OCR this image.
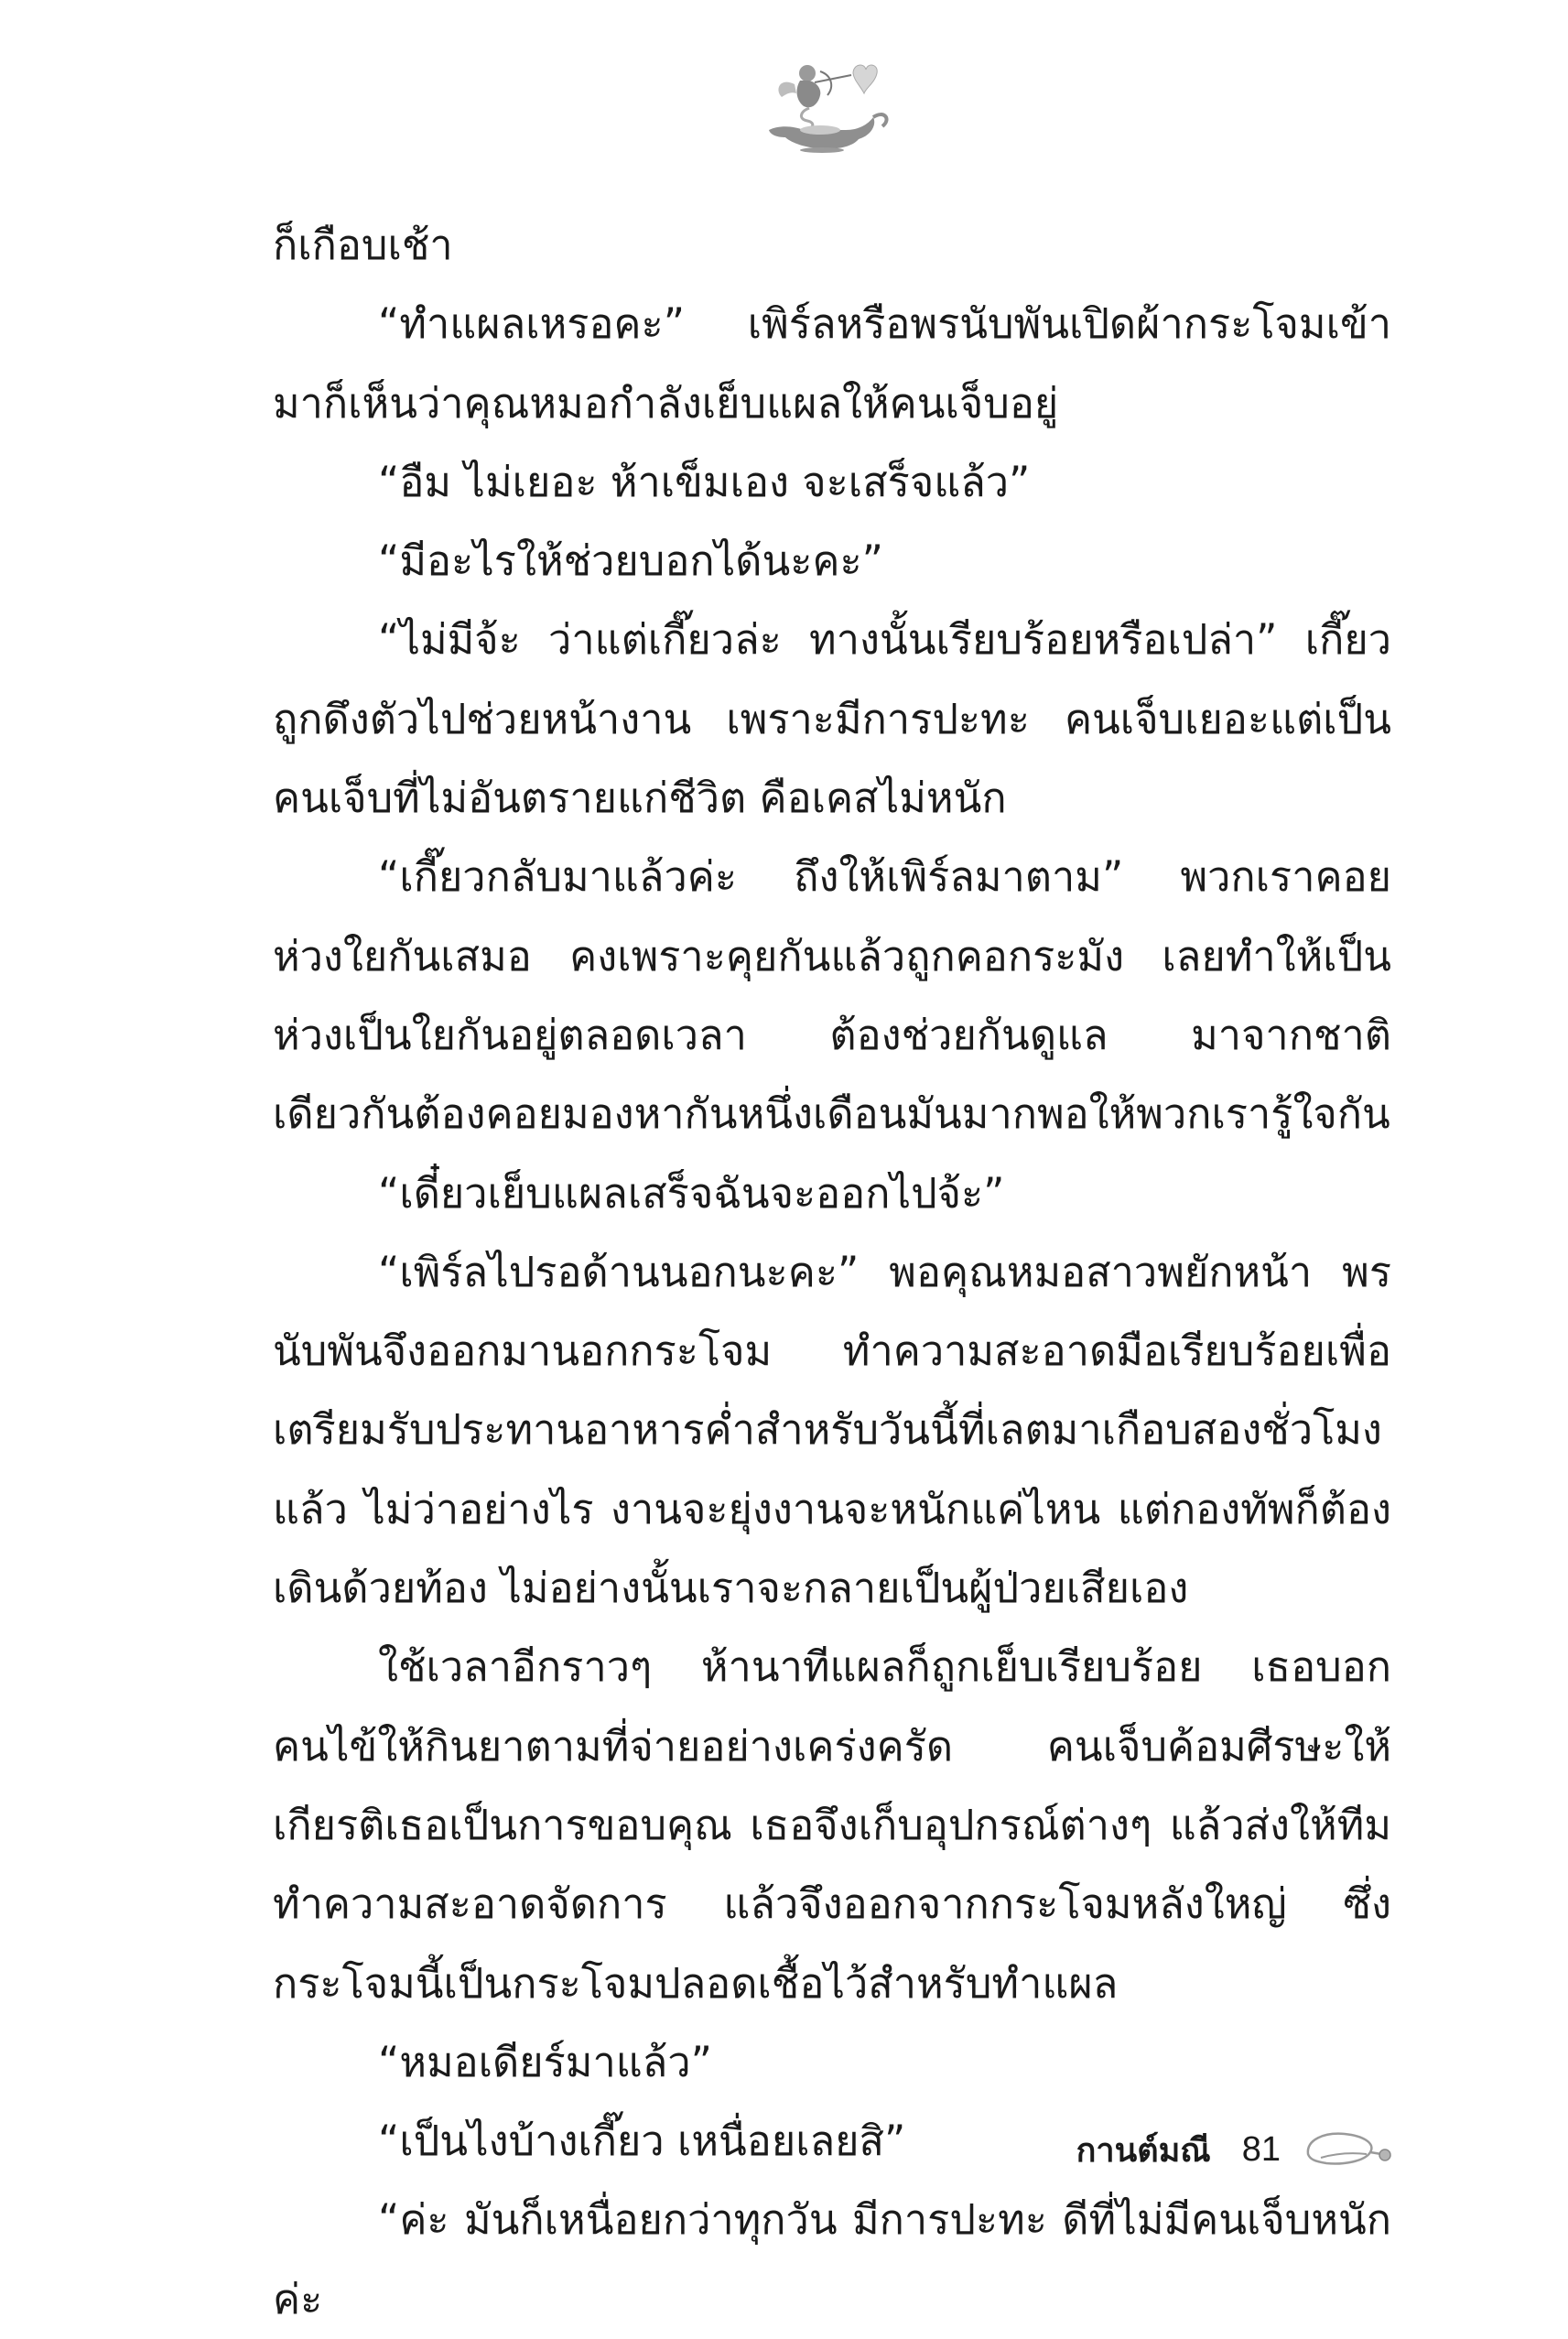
ก็เกือบเช้า

“ทำแผลเหรอคะ” เพิร์ลหรือพรนับพันเปิดผ้ากระโจมเข้ามาก็เห็นว่าคุณหมอกำลังเย็บแผลให้คนเจ็บอยู่

“อืม ไม่เยอะ ห้าเข็มเอง จะเสร็จแล้ว”

“มีอะไรให้ช่วยบอกได้นะคะ”

“ไม่มีจ้ะ ว่าแต่เกี๊ยวล่ะ ทางนั้นเรียบร้อยหรือเปล่า” เกี๊ยวถูกดึงตัวไปช่วยหน้างาน เพราะมีการปะทะ คนเจ็บเยอะแต่เป็นคนเจ็บที่ไม่อันตรายแก่ชีวิต คือเคสไม่หนัก

“เกี๊ยวกลับมาแล้วค่ะ ถึงให้เพิร์ลมาตาม” พวกเราคอยห่วงใยกันเสมอ คงเพราะคุยกันแล้วถูกคอกระมัง เลยทำให้เป็นห่วงเป็นใยกันอยู่ตลอดเวลา ต้องช่วยกันดูแล มาจากชาติเดียวกันต้องคอยมองหากันหนึ่งเดือนมันมากพอให้พวกเรารู้ใจกัน

“เดี๋ยวเย็บแผลเสร็จฉันจะออกไปจ้ะ”

“เพิร์ลไปรอด้านนอกนะคะ” พอคุณหมอสาวพยักหน้า พรนับพันจึงออกมานอกกระโจม ทำความสะอาดมือเรียบร้อยเพื่อเตรียมรับประทานอาหารค่ำสำหรับวันนี้ที่เลตมาเกือบสองชั่วโมงแล้ว ไม่ว่าอย่างไร งานจะยุ่งงานจะหนักแค่ไหน แต่กองทัพก็ต้องเดินด้วยท้อง ไม่อย่างนั้นเราจะกลายเป็นผู้ป่วยเสียเอง

ใช้เวลาอีกราวๆ ห้านาทีแผลก็ถูกเย็บเรียบร้อย เธอบอกคนไข้ให้กินยาตามที่จ่ายอย่างเคร่งครัด คนเจ็บค้อมศีรษะให้เกียรติเธอเป็นการขอบคุณ เธอจึงเก็บอุปกรณ์ต่างๆ แล้วส่งให้ทีมทำความสะอาดจัดการ แล้วจึงออกจากกระโจมหลังใหญ่ ซึ่งกระโจมนี้เป็นกระโจมปลอดเชื้อไว้สำหรับทำแผล

“หมอเดียร์มาแล้ว”

“เป็นไงบ้างเกี๊ยว เหนื่อยเลยสิ”

“ค่ะ มันก็เหนื่อยกว่าทุกวัน มีการปะทะ ดีที่ไม่มีคนเจ็บหนักค่ะ

กานต์มณี 81
